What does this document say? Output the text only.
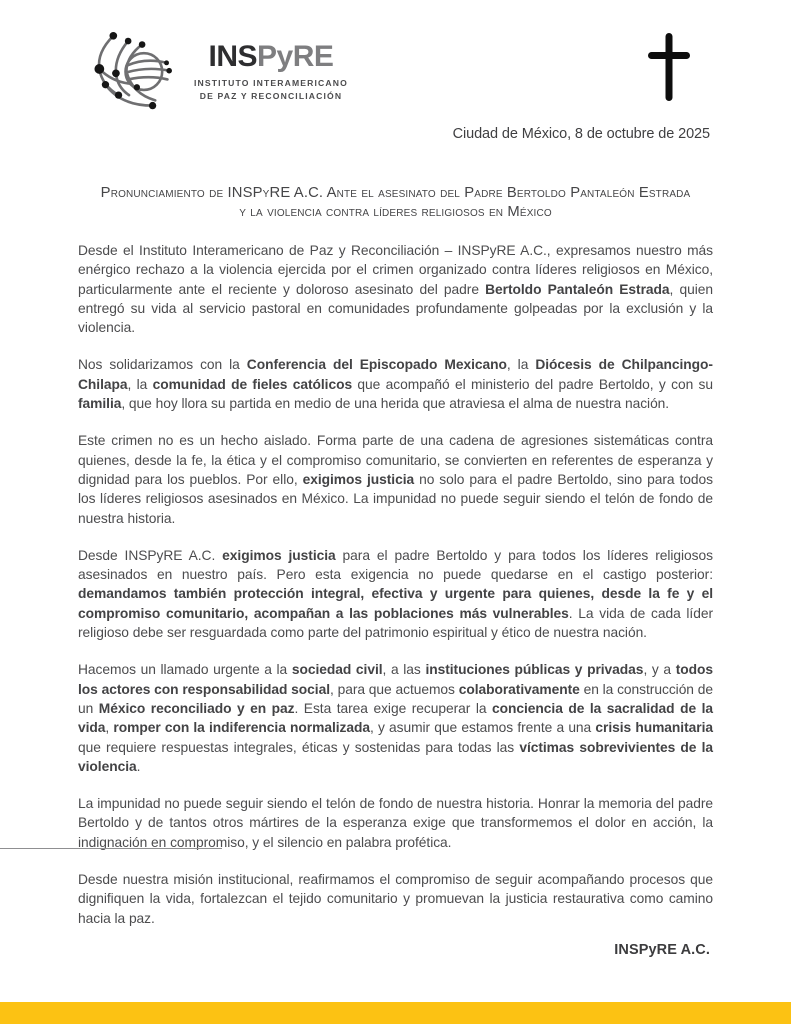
INSPyRE
INSTITUTO INTERAMERICANO
DE PAZ Y RECONCILIACIÓN
Ciudad de México, 8 de octubre de 2025
Pronunciamiento de INSPyRE A.C. Ante el asesinato del Padre Bertoldo Pantaleón Estrada
y la violencia contra líderes religiosos en México

Desde el Instituto Interamericano de Paz y Reconciliación – INSPyRE A.C., expresamos nuestro más enérgico rechazo a la violencia ejercida por el crimen organizado contra líderes religiosos en México, particularmente ante el reciente y doloroso asesinato del padre Bertoldo Pantaleón Estrada, quien entregó su vida al servicio pastoral en comunidades profundamente golpeadas por la exclusión y la violencia.

Nos solidarizamos con la Conferencia del Episcopado Mexicano, la Diócesis de Chilpancingo-Chilapa, la comunidad de fieles católicos que acompañó el ministerio del padre Bertoldo, y con su familia, que hoy llora su partida en medio de una herida que atraviesa el alma de nuestra nación.

Este crimen no es un hecho aislado. Forma parte de una cadena de agresiones sistemáticas contra quienes, desde la fe, la ética y el compromiso comunitario, se convierten en referentes de esperanza y dignidad para los pueblos. Por ello, exigimos justicia no solo para el padre Bertoldo, sino para todos los líderes religiosos asesinados en México. La impunidad no puede seguir siendo el telón de fondo de nuestra historia.

Desde INSPyRE A.C. exigimos justicia para el padre Bertoldo y para todos los líderes religiosos asesinados en nuestro país. Pero esta exigencia no puede quedarse en el castigo posterior: demandamos también protección integral, efectiva y urgente para quienes, desde la fe y el compromiso comunitario, acompañan a las poblaciones más vulnerables. La vida de cada líder religioso debe ser resguardada como parte del patrimonio espiritual y ético de nuestra nación.

Hacemos un llamado urgente a la sociedad civil, a las instituciones públicas y privadas, y a todos los actores con responsabilidad social, para que actuemos colaborativamente en la construcción de un México reconciliado y en paz. Esta tarea exige recuperar la conciencia de la sacralidad de la vida, romper con la indiferencia normalizada, y asumir que estamos frente a una crisis humanitaria que requiere respuestas integrales, éticas y sostenidas para todas las víctimas sobrevivientes de la violencia.

La impunidad no puede seguir siendo el telón de fondo de nuestra historia. Honrar la memoria del padre Bertoldo y de tantos otros mártires de la esperanza exige que transformemos el dolor en acción, la indignación en compromiso, y el silencio en palabra profética.

Desde nuestra misión institucional, reafirmamos el compromiso de seguir acompañando procesos que dignifiquen la vida, fortalezcan el tejido comunitario y promuevan la justicia restaurativa como camino hacia la paz.

INSPyRE A.C.
